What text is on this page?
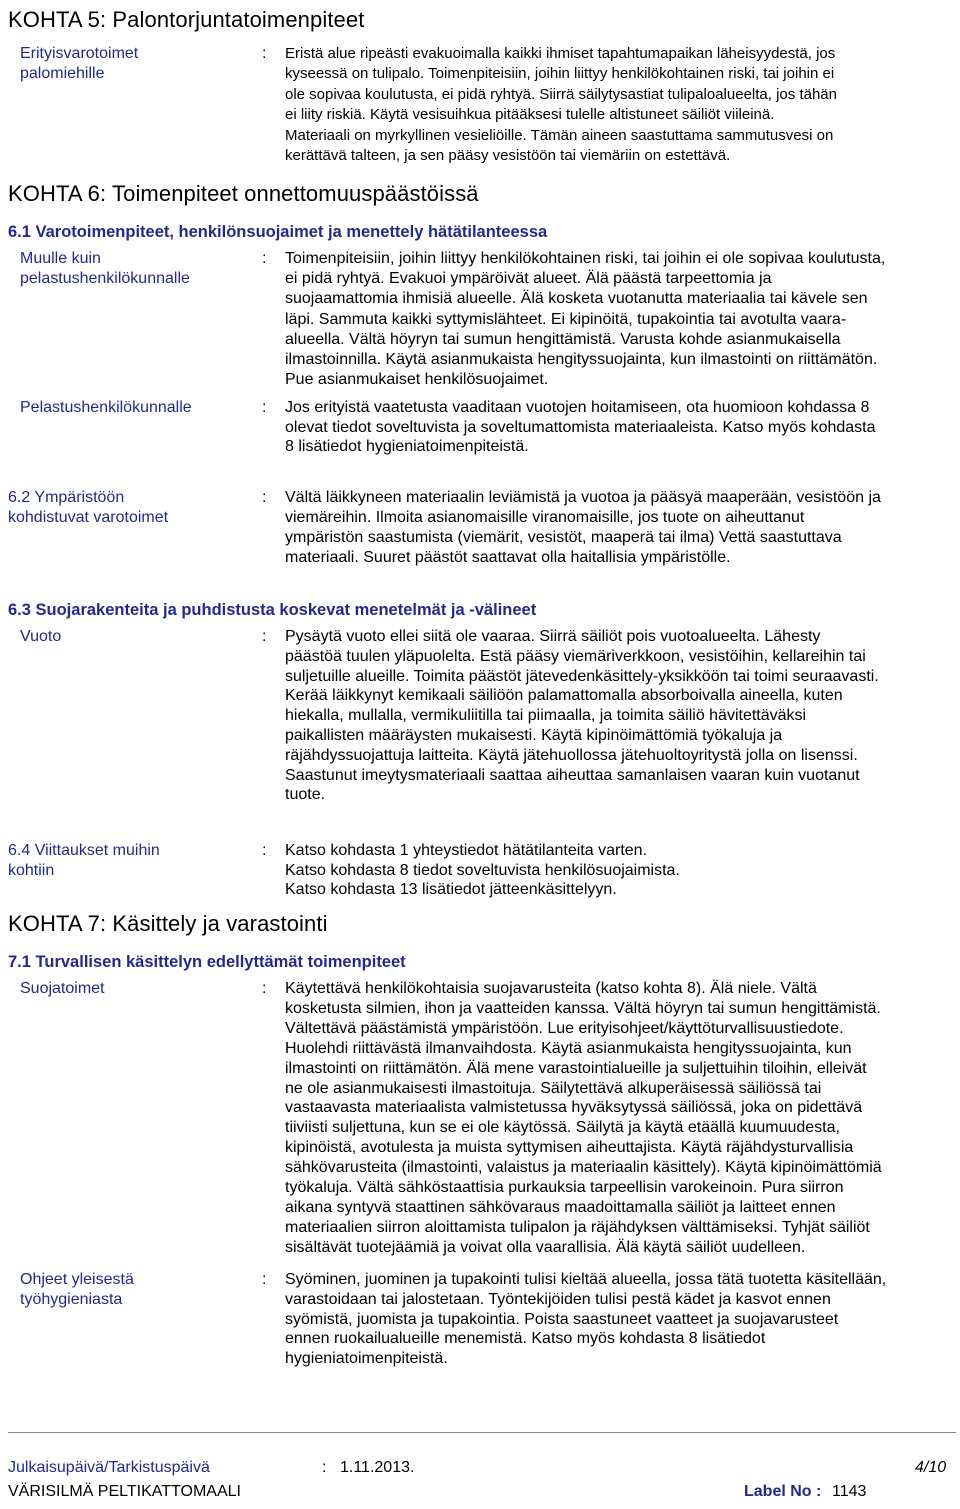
KOHTA 5: Palontorjuntatoimenpiteet
Erityisvarotoimet
palomiehille
: Eristä alue ripeästi evakuoimalla kaikki ihmiset tapahtumapaikan läheisyydestä, jos
kyseessä on tulipalo. Toimenpiteisiin, joihin liittyy henkilökohtainen riski, tai joihin ei
ole sopivaa koulutusta, ei pidä ryhtyä. Siirrä säilytysastiat tulipaloalueelta, jos tähän
ei liity riskiä. Käytä vesisuihkua pitääksesi tulelle altistuneet säiliöt viileinä.
Materiaali on myrkyllinen vesieliöille. Tämän aineen saastuttama sammutusvesi on
kerättävä talteen, ja sen pääsy vesistöön tai viemäriin on estettävä.
KOHTA 6: Toimenpiteet onnettomuuspäästöissä
6.1 Varotoimenpiteet, henkilönsuojaimet ja menettely hätätilanteessa
Muulle kuin
pelastushenkilökunnalle
: Toimenpiteisiin, joihin liittyy henkilökohtainen riski, tai joihin ei ole sopivaa koulutusta,
ei pidä ryhtyä. Evakuoi ympäröivät alueet. Älä päästä tarpeettomia ja
suojaamattomia ihmisiä alueelle. Älä kosketa vuotanutta materiaalia tai kävele sen
läpi. Sammuta kaikki syttymislähteet. Ei kipinöitä, tupakointia tai avotulta vaara-
alueella. Vältä höyryn tai sumun hengittämistä. Varusta kohde asianmukaisella
ilmastoinnilla. Käytä asianmukaista hengityssuojainta, kun ilmastointi on riittämätön.
Pue asianmukaiset henkilösuojaimet.
Pelastushenkilökunnalle	: Jos erityistä vaatetusta vaaditaan vuotojen hoitamiseen, ota huomioon kohdassa 8
olevat tiedot soveltuvista ja soveltumattomista materiaaleista. Katso myös kohdasta
8 lisätiedot hygieniatoimenpiteistä.
6.2 Ympäristöön
kohdistuvat varotoimet
: Vältä läikkyneen materiaalin leviämistä ja vuotoa ja pääsyä maaperään, vesistöön ja
viemäreihin. Ilmoita asianomaisille viranomaisille, jos tuote on aiheuttanut
ympäristön saastumista (viemärit, vesistöt, maaperä tai ilma) Vettä saastuttava
materiaali. Suuret päästöt saattavat olla haitallisia ympäristölle.
6.3 Suojarakenteita ja puhdistusta koskevat menetelmät ja -välineet
Vuoto	: Pysäytä vuoto ellei siitä ole vaaraa. Siirrä säiliöt pois vuotoalueelta. Lähesty
päästöä tuulen yläpuolelta. Estä pääsy viemäriverkkoon, vesistöihin, kellareihin tai
suljetuille alueille. Toimita päästöt jätevedenkäsittely-yksikköön tai toimi seuraavasti.
Kerää läikkynyt kemikaali säiliöön palamattomalla absorboivalla aineella, kuten
hiekalla, mullalla, vermikuliitilla tai piimaalla, ja toimita säiliö hävitettäväksi
paikallisten määräysten mukaisesti. Käytä kipinöimättömiä työkaluja ja
räjähdyssuojattuja laitteita. Käytä jätehuollossa jätehuoltoyritystä jolla on lisenssi.
Saastunut imeytysmateriaali saattaa aiheuttaa samanlaisen vaaran kuin vuotanut
tuote.
6.4 Viittaukset muihin
kohtiin
: Katso kohdasta 1 yhteystiedot hätätilanteita varten.
Katso kohdasta 8 tiedot soveltuvista henkilösuojaimista.
Katso kohdasta 13 lisätiedot jätteenkäsittelyyn.
KOHTA 7: Käsittely ja varastointi
7.1 Turvallisen käsittelyn edellyttämät toimenpiteet
Suojatoimet	: Käytettävä henkilökohtaisia suojavarusteita (katso kohta 8). Älä niele. Vältä
kosketusta silmien, ihon ja vaatteiden kanssa. Vältä höyryn tai sumun hengittämistä.
Vältettävä päästämistä ympäristöön. Lue erityisohjeet/käyttöturvallisuustiedote.
Huolehdi riittävästä ilmanvaihdosta. Käytä asianmukaista hengityssuojainta, kun
ilmastointi on riittämätön. Älä mene varastointialueille ja suljettuihin tiloihin, elleivät
ne ole asianmukaisesti ilmastoituja. Säilytettävä alkuperäisessä säiliössä tai
vastaavasta materiaalista valmistetussa hyväksytyssä säiliössä, joka on pidettävä
tiiviisti suljettuna, kun se ei ole käytössä. Säilytä ja käytä etäällä kuumuudesta,
kipinöistä, avotulesta ja muista syttymisen aiheuttajista. Käytä räjähdysturvallisia
sähkövarusteita (ilmastointi, valaistus ja materiaalin käsittely). Käytä kipinöimättömiä
työkaluja. Vältä sähköstaattisia purkauksia tarpeellisin varokeinoin. Pura siirron
aikana syntyvä staattinen sähkövaraus maadoittamalla säiliöt ja laitteet ennen
materiaalien siirron aloittamista tulipalon ja räjähdyksen välttämiseksi. Tyhjät säiliöt
sisältävät tuotejäämiä ja voivat olla vaarallisia. Älä käytä säiliöt uudelleen.
Ohjeet yleisestä
työhygieniasta
: Syöminen, juominen ja tupakointi tulisi kieltää alueella, jossa tätä tuotetta käsitellään,
varastoidaan tai jalostetaan. Työntekijöiden tulisi pestä kädet ja kasvot ennen
syömistä, juomista ja tupakointia. Poista saastuneet vaatteet ja suojavarusteet
ennen ruokailualueille menemistä. Katso myös kohdasta 8 lisätiedot
hygieniatoimenpiteistä.
Julkaisupäivä/Tarkistuspäivä	: 1.11.2013.	4/10
VÄRISILMÄ PELTIKATTOMAALI	Label No : 1143
